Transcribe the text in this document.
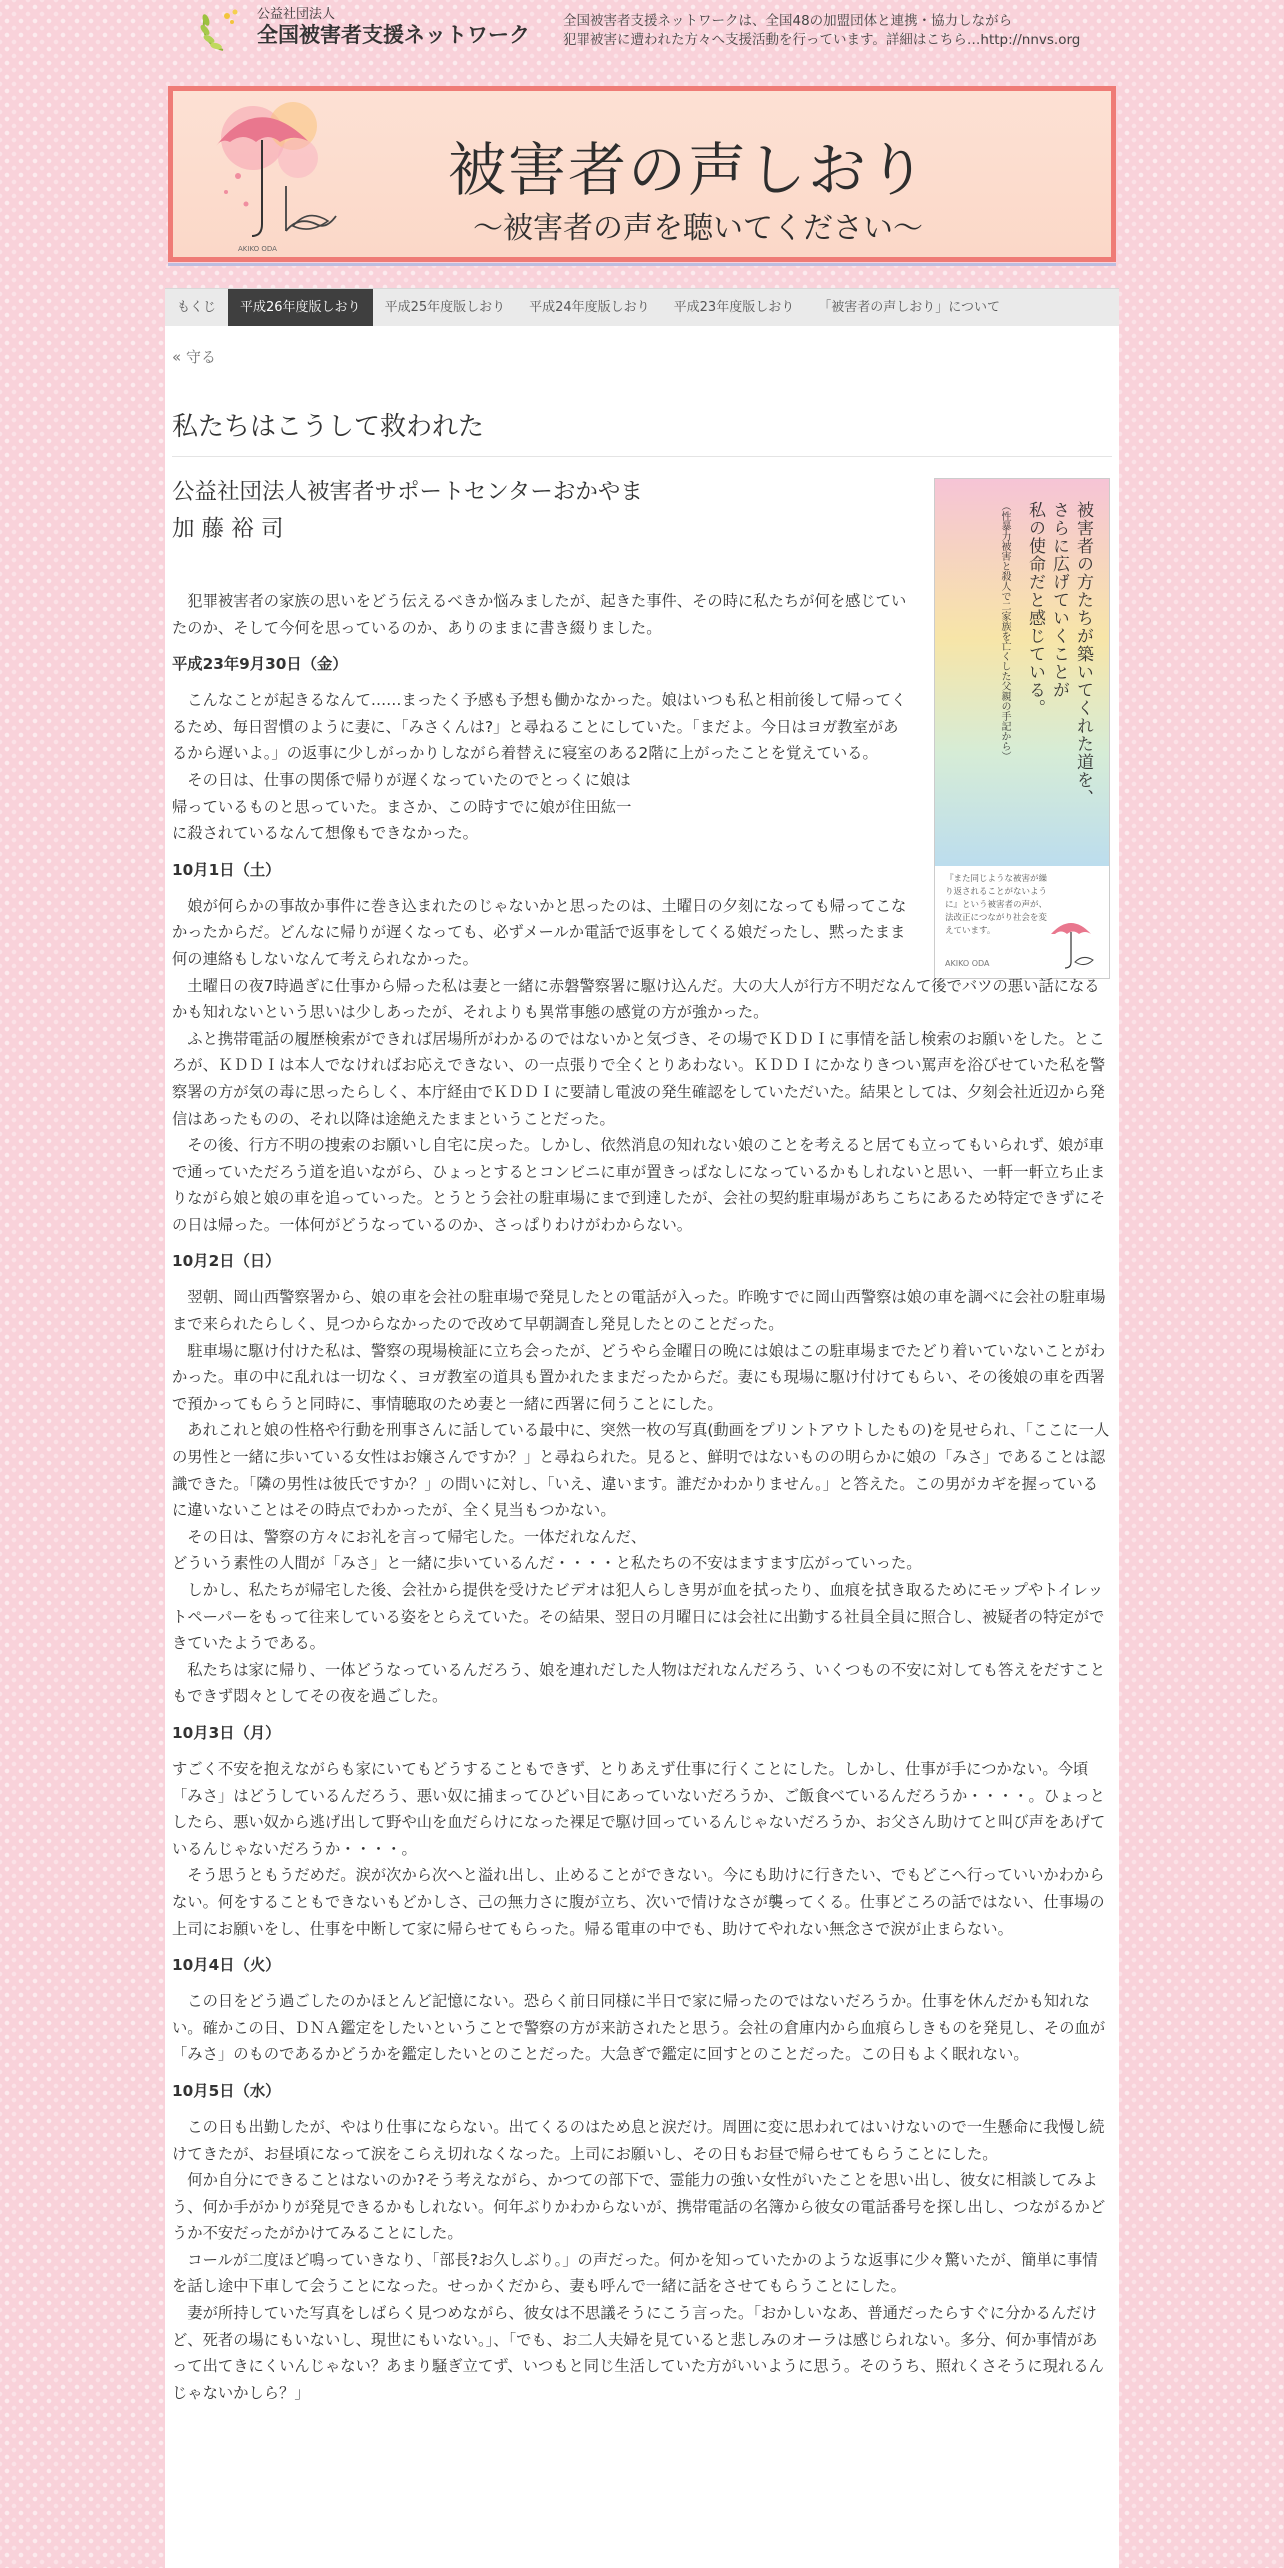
公益社団法人
全国被害者支援ネットワーク
全国被害者支援ネットワークは、全国48の加盟団体と連携・協力しながら
犯罪被害に遭われた方々へ支援活動を行っています。詳細はこちら…http://nnvs.org
AKIKO ODA
被害者の声しおり
〜被害者の声を聴いてください〜
もくじ	平成26年度版しおり	平成25年度版しおり	平成24年度版しおり	平成23年度版しおり	「被害者の声しおり」について
« 守る
私たちはこうして救われた
公益社団法人被害者サポートセンターおかやま
加 藤 裕 司	被害者の方たちが築いてくれた道を、
さらに広げていくことが
私の使命だと感じている。
（性暴力被害と殺人で二家族を亡くした父親の手記から）
『また同じような被害が繰り返されることがないように』という被害者の声が、法改正につながり社会を変えています。
AKIKO ODA

犯罪被害者の家族の思いをどう伝えるべきか悩みましたが、起きた事件、その時に私たちが何を感じていたのか、そして今何を思っているのか、ありのままに書き綴りました。

平成23年9月30日（金）

こんなことが起きるなんて……まったく予感も予想も働かなかった。娘はいつも私と相前後して帰ってくるため、毎日習慣のように妻に、「みさくんは?」と尋ねることにしていた。「まだよ。今日はヨガ教室があるから遅いよ。」の返事に少しがっかりしながら着替えに寝室のある2階に上がったことを覚えている。

その日は、仕事の関係で帰りが遅くなっていたのでとっくに娘は

帰っているものと思っていた。まさか、この時すでに娘が住田紘一

に殺されているなんて想像もできなかった。

10月1日（土）

娘が何らかの事故か事件に巻き込まれたのじゃないかと思ったのは、土曜日の夕刻になっても帰ってこなかったからだ。どんなに帰りが遅くなっても、必ずメールか電話で返事をしてくる娘だったし、黙ったまま何の連絡もしないなんて考えられなかった。

土曜日の夜7時過ぎに仕事から帰った私は妻と一緒に赤磐警察署に駆け込んだ。大の大人が行方不明だなんて後でバツの悪い話になるかも知れないという思いは少しあったが、それよりも異常事態の感覚の方が強かった。

ふと携帯電話の履歴検索ができれば居場所がわかるのではないかと気づき、その場でＫＤＤＩに事情を話し検索のお願いをした。ところが、ＫＤＤＩは本人でなければお応えできない、の一点張りで全くとりあわない。ＫＤＤＩにかなりきつい罵声を浴びせていた私を警察署の方が気の毒に思ったらしく、本庁経由でＫＤＤＩに要請し電波の発生確認をしていただいた。結果としては、夕刻会社近辺から発信はあったものの、それ以降は途絶えたままということだった。

その後、行方不明の捜索のお願いし自宅に戻った。しかし、依然消息の知れない娘のことを考えると居ても立ってもいられず、娘が車で通っていただろう道を追いながら、ひょっとするとコンビニに車が置きっぱなしになっているかもしれないと思い、一軒一軒立ち止まりながら娘と娘の車を追っていった。とうとう会社の駐車場にまで到達したが、会社の契約駐車場があちこちにあるため特定できずにその日は帰った。一体何がどうなっているのか、さっぱりわけがわからない。

10月2日（日）

翌朝、岡山西警察署から、娘の車を会社の駐車場で発見したとの電話が入った。昨晩すでに岡山西警察は娘の車を調べに会社の駐車場まで来られたらしく、見つからなかったので改めて早朝調査し発見したとのことだった。

駐車場に駆け付けた私は、警察の現場検証に立ち会ったが、どうやら金曜日の晩には娘はこの駐車場までたどり着いていないことがわかった。車の中に乱れは一切なく、ヨガ教室の道具も置かれたままだったからだ。妻にも現場に駆け付けてもらい、その後娘の車を西署で預かってもらうと同時に、事情聴取のため妻と一緒に西署に伺うことにした。

あれこれと娘の性格や行動を刑事さんに話している最中に、突然一枚の写真(動画をプリントアウトしたもの)を見せられ、「ここに一人の男性と一緒に歩いている女性はお嬢さんですか？」と尋ねられた。見ると、鮮明ではないものの明らかに娘の「みさ」であることは認識できた。「隣の男性は彼氏ですか？」の問いに対し、「いえ、違います。誰だかわかりません。」と答えた。この男がカギを握っているに違いないことはその時点でわかったが、全く見当もつかない。

その日は、警察の方々にお礼を言って帰宅した。一体だれなんだ、

どういう素性の人間が「みさ」と一緒に歩いているんだ・・・・と私たちの不安はますます広がっていった。

しかし、私たちが帰宅した後、会社から提供を受けたビデオは犯人らしき男が血を拭ったり、血痕を拭き取るためにモップやトイレットペーパーをもって往来している姿をとらえていた。その結果、翌日の月曜日には会社に出勤する社員全員に照合し、被疑者の特定ができていたようである。

私たちは家に帰り、一体どうなっているんだろう、娘を連れだした人物はだれなんだろう、いくつもの不安に対しても答えをだすこともできず悶々としてその夜を過ごした。

10月3日（月）

すごく不安を抱えながらも家にいてもどうすることもできず、とりあえず仕事に行くことにした。しかし、仕事が手につかない。今頃「みさ」はどうしているんだろう、悪い奴に捕まってひどい目にあっていないだろうか、ご飯食べているんだろうか・・・・。ひょっとしたら、悪い奴から逃げ出して野や山を血だらけになった裸足で駆け回っているんじゃないだろうか、お父さん助けてと叫び声をあげているんじゃないだろうか・・・・。

そう思うともうだめだ。涙が次から次へと溢れ出し、止めることができない。今にも助けに行きたい、でもどこへ行っていいかわからない。何をすることもできないもどかしさ、己の無力さに腹が立ち、次いで情けなさが襲ってくる。仕事どころの話ではない、仕事場の上司にお願いをし、仕事を中断して家に帰らせてもらった。帰る電車の中でも、助けてやれない無念さで涙が止まらない。

10月4日（火）

この日をどう過ごしたのかほとんど記憶にない。恐らく前日同様に半日で家に帰ったのではないだろうか。仕事を休んだかも知れない。確かこの日、ＤＮＡ鑑定をしたいということで警察の方が来訪されたと思う。会社の倉庫内から血痕らしきものを発見し、その血が「みさ」のものであるかどうかを鑑定したいとのことだった。大急ぎで鑑定に回すとのことだった。この日もよく眠れない。

10月5日（水）

この日も出勤したが、やはり仕事にならない。出てくるのはため息と涙だけ。周囲に変に思われてはいけないので一生懸命に我慢し続けてきたが、お昼頃になって涙をこらえ切れなくなった。上司にお願いし、その日もお昼で帰らせてもらうことにした。

何か自分にできることはないのか?そう考えながら、かつての部下で、霊能力の強い女性がいたことを思い出し、彼女に相談してみよう、何か手がかりが発見できるかもしれない。何年ぶりかわからないが、携帯電話の名簿から彼女の電話番号を探し出し、つながるかどうか不安だったがかけてみることにした。

コールが二度ほど鳴っていきなり、「部長?お久しぶり。」の声だった。何かを知っていたかのような返事に少々驚いたが、簡単に事情を話し途中下車して会うことになった。せっかくだから、妻も呼んで一緒に話をさせてもらうことにした。

妻が所持していた写真をしばらく見つめながら、彼女は不思議そうにこう言った。「おかしいなあ、普通だったらすぐに分かるんだけど、死者の場にもいないし、現世にもいない。」、「でも、お二人夫婦を見ていると悲しみのオーラは感じられない。多分、何か事情があって出てきにくいんじゃない？あまり騒ぎ立てず、いつもと同じ生活していた方がいいように思う。そのうち、照れくさそうに現れるんじゃないかしら？」
